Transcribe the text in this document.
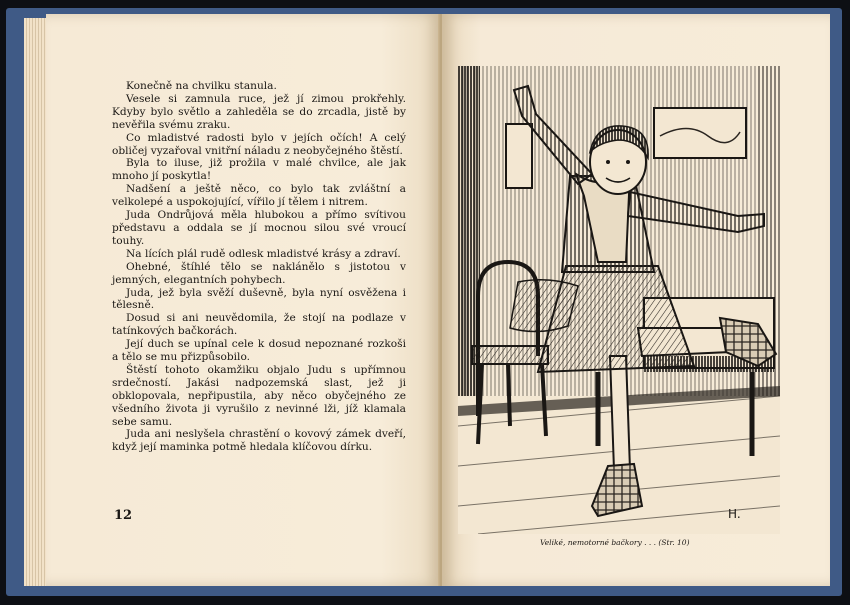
Konečně na chvilku stanula.

Vesele si zamnula ruce, jež jí zimou prokřehly. Kdyby bylo světlo a zahleděla se do zrcadla, jistě by nevěřila svému zraku.

Co mladistvé radosti bylo v jejích očích! A celý obličej vyzařoval vnitřní náladu z neobyčejného štěstí.

Byla to iluse, již prožila v malé chvilce, ale jak mnoho jí poskytla!

Nadšení a ještě něco, co bylo tak zvláštní a velkolepé a uspokojující, vířilo jí tělem i nitrem.

Juda Ondrůjová měla hlubokou a přímo svítivou představu a oddala se jí mocnou silou své vroucí touhy.

Na lících plál rudě odlesk mladistvé krásy a zdraví.

Ohebné, štíhlé tělo se naklánělo s jistotou v jemných, elegantních pohybech.

Juda, jež byla svěží duševně, byla nyní osvěžena i tělesně.

Dosud si ani neuvědomila, že stojí na podlaze v tatínkových bačkorách.

Její duch se upínal cele k dosud nepoznané rozkoši a tělo se mu přizpůsobilo.

Štěstí tohoto okamžiku objalo Judu s upřímnou srdečností. Jakási nadpozemská slast, jež ji obklopovala, nepřipustila, aby něco obyčejného ze všedního života ji vyrušilo z nevinné lži, jíž klamala sebe samu.

Juda ani neslyšela chrastění o kovový zámek dveří, když její maminka potmě hledala klíčovou dírku.

12	H.
Veliké, nemotorné bačkory . . . (Str. 10)
